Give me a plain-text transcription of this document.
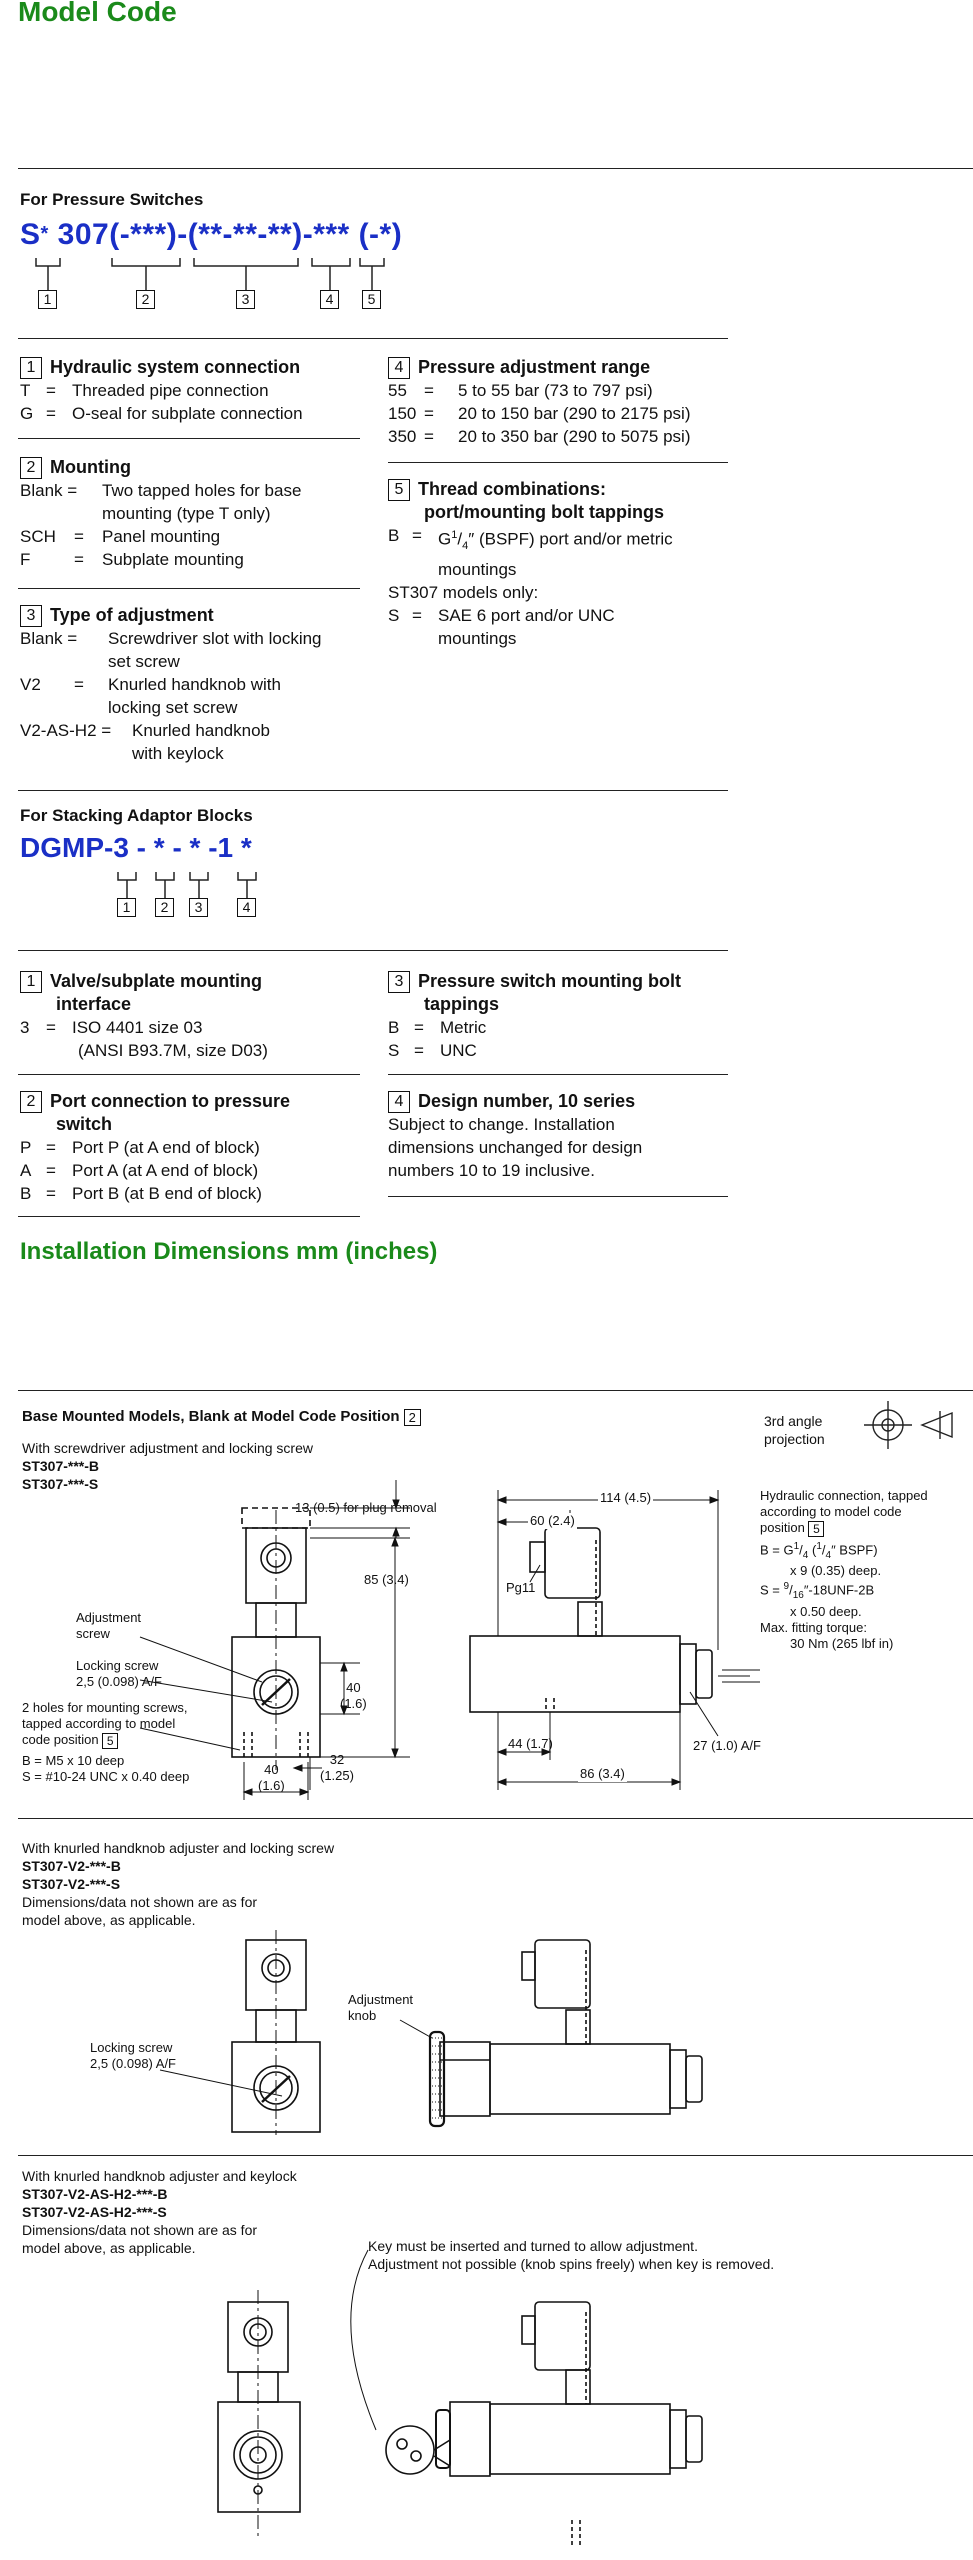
Model Code
For Pressure Switches
S* 307(-***)-(**-**-**)-*** (-*)
1	2	3	4	5
1 Hydraulic system connection
T = Threaded pipe connection
G = O-seal for subplate connection
2 Mounting
Blank =	Two tapped holes for base
mounting (type T only)
SCH =	Panel mounting
F	=	Subplate mounting
3 Type of adjustment
Blank =	Screwdriver slot with locking
set screw
V2 =	Knurled handknob with
locking set screw
V2-AS-H2 =	Knurled handknob
with keylock
4 Pressure adjustment range
55 =	5 to 55 bar (73 to 797 psi)
150 =	20 to 150 bar (290 to 2175 psi)
350 =	20 to 350 bar (290 to 5075 psi)
5 Thread combinations:
port/mounting bolt tappings
$B = G^1/_4''$ (BSPF) port and/or metric
mountings
ST307 models only:
S = SAE 6 port and/or UNC
mountings
For Stacking Adaptor Blocks
DGMP-3 - * - * -1 *
1	2	3	4
1 Valve/subplate mounting
interface
3 = ISO 4401 size 03
(ANSI B93.7M, size D03)
2 Port connection to pressure
switch
P = Port P (at A end of block)
A = Port A (at A end of block)
B = Port B (at B end of block)
3 Pressure switch mounting bolt
tappings
B = Metric
S = UNC
4 Design number, 10 series
Subject to change. Installation
dimensions unchanged for design
numbers 10 to 19 inclusive.
Installation Dimensions mm (inches)
Base Mounted Models, Blank at Model Code Position 2	3rd angle
projection
With screwdriver adjustment and locking screw
ST307-***-B
ST307-***-S
13 (0.5) for plug removal
85 (3.4)
40
(1.6)
32
(1.25)
40
(1.6)
Adjustment
screw
Locking screw
2,5 (0.098) A/F
2 holes for mounting screws,
tapped according to model
code position 5
B = M5 x 10 deep
S = #10-24 UNC x 0.40 deep
114 (4.5)
60 (2.4)
Pg11
44 (1.7)
86 (3.4)
27 (1.0) A/F
Hydraulic connection, tapped
according to model code
position 5
$B = G^1/_4$ ($^1/_4''$ BSPF)
x 9 (0.35) deep.
$S = ^9/_{16}''-18UNF-2B$
x 0.50 deep.
Max. fitting torque:
30 Nm (265 lbf in)
With knurled handknob adjuster and locking screw
ST307-V2-***-B
ST307-V2-***-S
Dimensions/data not shown are as for
model above, as applicable.
Adjustment
knob
Locking screw
2,5 (0.098) A/F
With knurled handknob adjuster and keylock
ST307-V2-AS-H2-***-B
ST307-V2-AS-H2-***-S
Dimensions/data not shown are as for
model above, as applicable.	Key must be inserted and turned to allow adjustment.
Adjustment not possible (knob spins freely) when key is removed.
